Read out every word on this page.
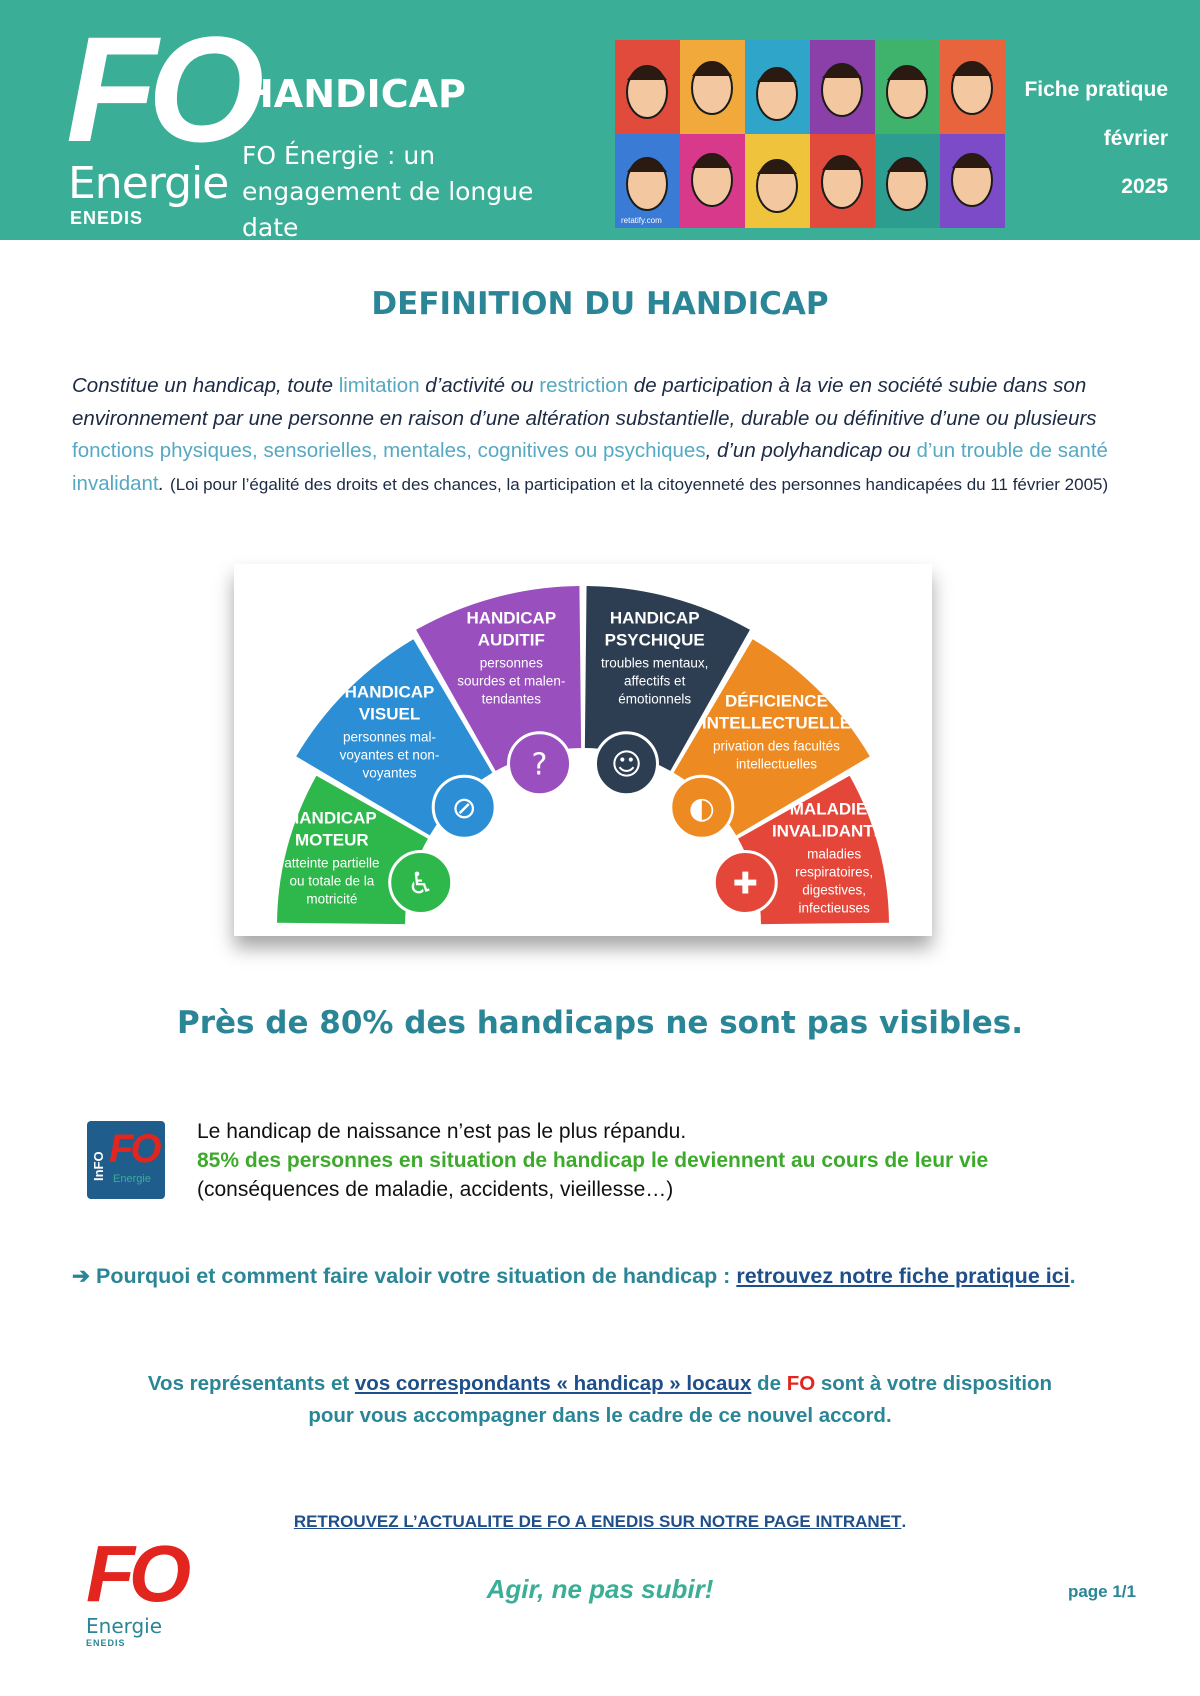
FO
Energie
ENEDIS
HANDICAP
FO Énergie : un engagement de longue date	retatify.com
Fiche pratique
février
2025
DEFINITION DU HANDICAP
Constitue un handicap, toute limitation d’activité ou restriction de participation à la vie en société subie dans son environnement par une personne en raison d’une altération substantielle, durable ou définitive d’une ou plusieurs fonctions physiques, sensorielles, mentales, cognitives ou psychiques, d’un polyhandicap ou d’un trouble de santé invalidant. (Loi pour l’égalité des droits et des chances, la participation et la citoyenneté des personnes handicapées du 11 février 2005)
HANDICAP
MOTEUR
atteinte partielle
ou totale de la
motricité
HANDICAP
VISUEL
personnes mal-
voyantes et non-
voyantes
HANDICAP
AUDITIF
personnes
sourdes et malen-
tendantes
HANDICAP
PSYCHIQUE
troubles mentaux,
affectifs et
émotionnels DÉFICIENCE
INTELLECTUELLE
privation des facultés
intellectuelles
MALADIES
INVALIDANTES
maladies
respiratoires,
digestives,
infectieuses
♿
⊘
? ☺
◐
✚
Près de 80% des handicaps ne sont pas visibles.
InFO FO
Energie
Le handicap de naissance n’est pas le plus répandu.
85% des personnes en situation de handicap le deviennent au cours de leur vie
(conséquences de maladie, accidents, vieillesse…)
➔ Pourquoi et comment faire valoir votre situation de handicap : retrouvez notre fiche pratique ici.
Vos représentants et vos correspondants « handicap » locaux de FO sont à votre disposition
pour vous accompagner dans le cadre de ce nouvel accord.
RETROUVEZ L’ACTUALITE DE FO A ENEDIS SUR NOTRE PAGE INTRANET.
FO
Energie
ENEDIS
Agir, ne pas subir!	page 1/1
